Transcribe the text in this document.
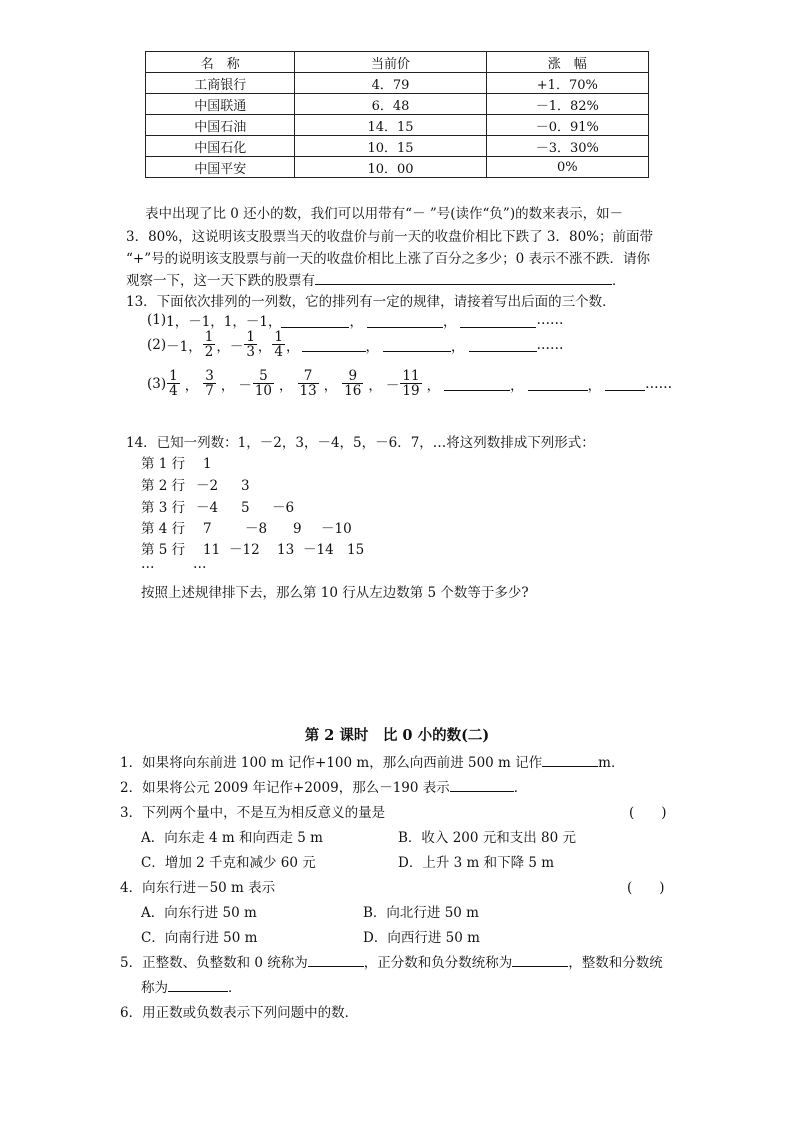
名　称	当前价	涨　幅
工商银行	4．79	+1．70%
中国联通	6．48	－1．82%
中国石油	14．15	－0．91%
中国石化	10．15	－3．30%
中国平安	10．00	0%
表中出现了比 0 还小的数，我们可以用带有“－ ”号(读作“负”)的数来表示，如－
3．80%，这说明该支股票当天的收盘价与前一天的收盘价相比下跌了 3．80%；前面带
“+”号的说明该支股票与前一天的收盘价相比上涨了百分之多少；0 表示不涨不跌．请你
观察一下，这一天下跌的股票有	．
13．下面依次排列的一列数，它的排列有一定的规律，请接着写出后面的三个数．
(1) 1，－1，1，－1，	，	，	……
(2) －1， $\frac{1}{2}$ ， － $\frac{1}{3}$ ， $\frac{1}{4}$ ，	，	，	……
$(3) \frac{1}{4}$ ， $\frac{3}{7}$ ， － $\frac{5}{10}$ ， $\frac{7}{13}$ ， $\frac{9}{16}$ ， － $\frac{11}{19}$ ，	，	，	……
14．已知一列数：1，－2，3，－4，5，－6．7，…将这列数排成下列形式：
第 1 行 1
第 2 行 －2 3
第 3 行 －4 5 －6
第 4 行 7 －8 9 －10
第 5 行 11 －12 13 －14 15
…	…
按照上述规律排下去，那么第 10 行从左边数第 5 个数等于多少?
第 2 课时　比 0 小的数(二)
1．如果将向东前进 100 m 记作+100 m，那么向西前进 500 m 记作	m．
2．如果将公元 2009 年记作+2009，那么－190 表示	．
3．下列两个量中，不是互为相反意义的量是	(　　)
A．向东走 4 m 和向西走 5 m	B．收入 200 元和支出 80 元
C．增加 2 千克和减少 60 元	D．上升 3 m 和下降 5 m
4．向东行进－50 m 表示	(　　)
A．向东行进 50 m	B．向北行进 50 m
C．向南行进 50 m	D．向西行进 50 m
5．正整数、负整数和 0 统称为	，正分数和负分数统称为	，整数和分数统
称为	．
6．用正数或负数表示下列问题中的数．
